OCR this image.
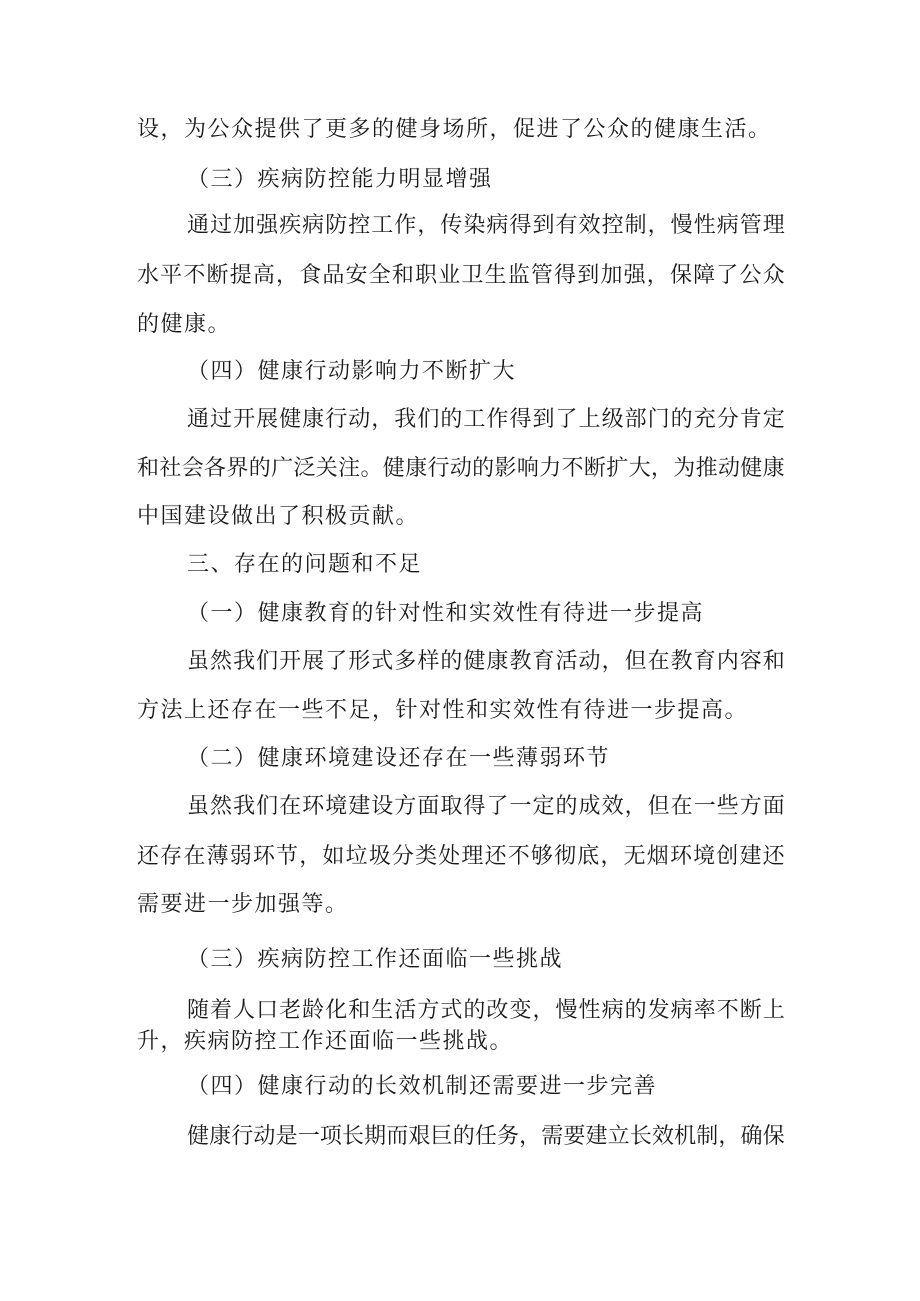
设，为公众提供了更多的健身场所，促进了公众的健康生活。
（三）疾病防控能力明显增强
通 过 加 强 疾 病 防 控 工 作 ， 传 染 病 得 到 有 效 控 制 ， 慢 性 病 管 理
水 平 不 断 提 高 ， 食 品 安 全 和 职 业 卫 生 监 管 得 到 加 强 ， 保 障 了 公 众
的健康。
（四）健康行动影响力不断扩大
通 过 开 展 健 康 行 动 ， 我 们 的 工 作 得 到 了 上 级 部 门 的 充 分 肯 定
和 社 会 各 界 的 广 泛 关 注 。 健 康 行 动 的 影 响 力 不 断 扩 大 ， 为 推 动 健 康
中国建设做出了积极贡献。
三、存在的问题和不足
（一）健康教育的针对性和实效性有待进一步提高
虽 然 我 们 开 展 了 形 式 多 样 的 健 康 教 育 活 动 ， 但 在 教 育 内 容 和
方法上还存在一些不足，针对性和实效性有待进一步提高。
（二）健康环境建设还存在一些薄弱环节
虽 然 我 们 在 环 境 建 设 方 面 取 得 了 一 定 的 成 效 ， 但 在 一 些 方 面
还 存 在 薄 弱 环 节 ， 如 垃 圾 分 类 处 理 还 不 够 彻 底 ， 无 烟 环 境 创 建 还
需要进一步加强等。
（三）疾病防控工作还面临一些挑战
随 着 人 口 老 龄 化 和 生 活 方 式 的 改 变 ， 慢 性 病 的 发 病 率 不 断 上
升，疾病防控工作还面临一些挑战。
（四）健康行动的长效机制还需要进一步完善
健 康 行 动 是 一 项 长 期 而 艰 巨 的 任 务 ， 需 要 建 立 长 效 机 制 ， 确 保
